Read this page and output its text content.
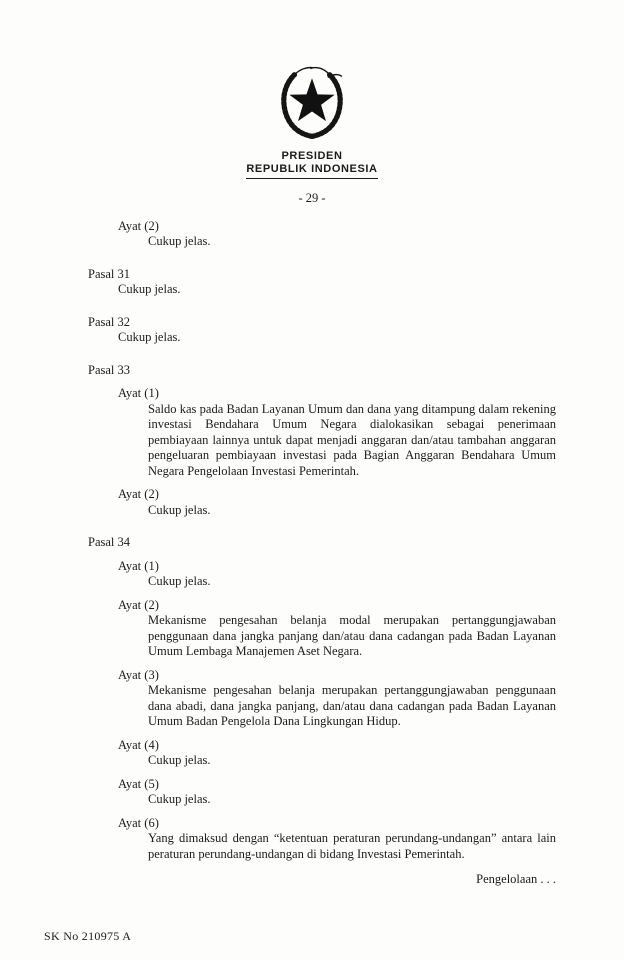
PRESIDEN
REPUBLIK INDONESIA
- 29 -
Ayat (2)
Cukup jelas.
Pasal 31
Cukup jelas.
Pasal 32
Cukup jelas.
Pasal 33
Ayat (1)
Saldo kas pada Badan Layanan Umum dan dana yang ditampung dalam rekening investasi Bendahara Umum Negara dialokasikan sebagai penerimaan pembiayaan lainnya untuk dapat menjadi anggaran dan/atau tambahan anggaran pengeluaran pembiayaan investasi pada Bagian Anggaran Bendahara Umum Negara Pengelolaan Investasi Pemerintah.
Ayat (2)
Cukup jelas.
Pasal 34
Ayat (1)
Cukup jelas.
Ayat (2)
Mekanisme pengesahan belanja modal merupakan pertanggungjawaban penggunaan dana jangka panjang dan/atau dana cadangan pada Badan Layanan Umum Lembaga Manajemen Aset Negara.
Ayat (3)
Mekanisme pengesahan belanja merupakan pertanggungjawaban penggunaan dana abadi, dana jangka panjang, dan/atau dana cadangan pada Badan Layanan Umum Badan Pengelola Dana Lingkungan Hidup.
Ayat (4)
Cukup jelas.
Ayat (5)
Cukup jelas.
Ayat (6)
Yang dimaksud dengan “ketentuan peraturan perundang-undangan” antara lain peraturan perundang-undangan di bidang Investasi Pemerintah.
Pengelolaan . . .
SK No 210975 A
